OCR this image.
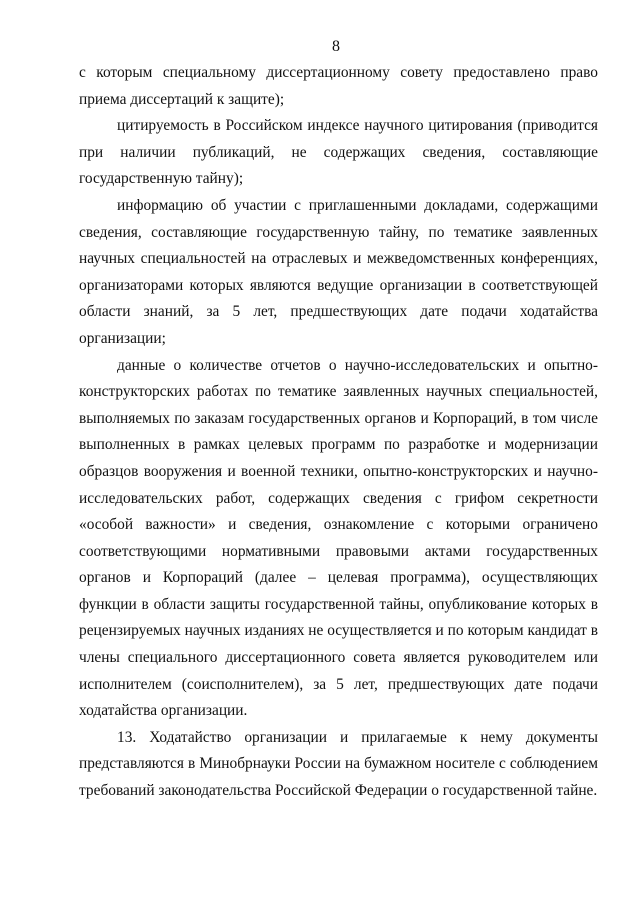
8

с которым специальному диссертационному совету предоставлено право приема диссертаций к защите);

цитируемость в Российском индексе научного цитирования (приводится при наличии публикаций, не содержащих сведения, составляющие государственную тайну);

информацию об участии с приглашенными докладами, содержащими сведения, составляющие государственную тайну, по тематике заявленных научных специальностей на отраслевых и межведомственных конференциях, организаторами которых являются ведущие организации в соответствующей области знаний, за 5 лет, предшествующих дате подачи ходатайства организации;

данные о количестве отчетов о научно-исследовательских и опытно-конструкторских работах по тематике заявленных научных специальностей, выполняемых по заказам государственных органов и Корпораций, в том числе выполненных в рамках целевых программ по разработке и модернизации образцов вооружения и военной техники, опытно-конструкторских и научно-исследовательских работ, содержащих сведения с грифом секретности «особой важности» и сведения, ознакомление с которыми ограничено соответствующими нормативными правовыми актами государственных органов и Корпораций (далее – целевая программа), осуществляющих функции в области защиты государственной тайны, опубликование которых в рецензируемых научных изданиях не осуществляется и по которым кандидат в члены специального диссертационного совета является руководителем или исполнителем (соисполнителем), за 5 лет, предшествующих дате подачи ходатайства организации.

13. Ходатайство организации и прилагаемые к нему документы представляются в Минобрнауки России на бумажном носителе с соблюдением требований законодательства Российской Федерации о государственной тайне.
